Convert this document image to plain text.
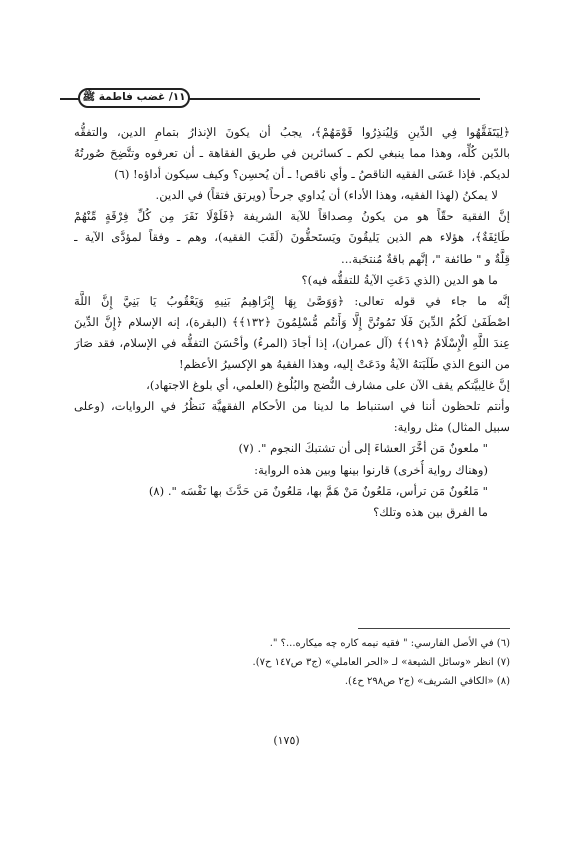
١١/ غضب فاطمة ﷺ
﴿لِيَتَفَقَّهُوا فِي الدِّينِ وَلِيُنذِرُوا قَوْمَهُمْ﴾، يجبُ أن يكونَ الإنذارُ بتمامِ الدين، والتفقُّه
بالدّين كُلِّه، وهذا مما ينبغي لكم ـ كسائرين في طريق الفقاهة ـ أن تعرفوه وتتَّضِحَ صُورتُهُ
لديكم. فإذا عَسَى الفقيه الناقصُ ـ وأي ناقص! ـ أن يُحسِن؟ وكيف سيكون أداؤه! (٦)
لا يمكنُ (لهذا الفقيه، وهذا الأداء) أن يُداوي جرحاً (ويرتق فتقاً) في الدين.
إنَّ الفقيهَ حقّاً هو من يكونُ مِصداقاً للآية الشريفة ﴿فَلَوْلَا نَفَرَ مِن كُلِّ فِرْقَةٍ مِّنْهُمْ
طَائِفَةٌ﴾، هؤلاء هم الذين يَليقُونَ ويَستَحقُّونَ (لَقَبَ الفقيه)، وهم ـ وفقاً لمؤدَّى الآية ـ
قِلَّةٌ و " طائفة "، إنَّهم باقةٌ مُنتخَبة...
ما هو الدين (الذي دَعَتِ الآيةُ للتفقُّه فيه)؟
إنَّه ما جاء في قوله تعالى: ﴿وَوَصَّىٰ بِهَا إِبْرَاهِيمُ بَنِيهِ وَيَعْقُوبُ يَا بَنِيَّ إِنَّ اللَّهَ
اصْطَفَىٰ لَكُمُ الدِّينَ فَلَا تَمُوتُنَّ إِلَّا وَأَنتُم مُّسْلِمُونَ ﴿١٣٢﴾﴾ (البقرة)، إنه الإسلام ﴿إِنَّ الدِّينَ
عِندَ اللَّهِ الْإِسْلَامُ ﴿١٩﴾﴾ (آل عمران)، إذا أجادَ (المرءُ) وأحْسَنَ التفقُّه في الإسلام، فقد صَارَ
من النوع الذي طَلَبَتهُ الآيةُ ودَعَتْ إليه، وهذا الفقيهُ هو الإكسيرُ الأعظم!
إنَّ غالِبيَّتكم يقف الآن على مشارف النُّضج والبُلُوغ (العلمي، أي بلوغ الاجتهاد)،
وأنتم تلحظون أننا في استنباط ما لدينا من الأحكام الفقهيَّة نَنظُرُ في الروايات، (وعلى
سبيل المثال) مثل رواية:
" ملعونٌ مَن أخَّرَ العشاءَ إلى أن تشتبكَ النجوم ". (٧)
(وهناك رواية أُخرى) قارنوا بينها وبين هذه الرواية:
" مَلعُونٌ مَن ترأس، مَلعُونٌ مَنْ هَمَّ بها، مَلعُونٌ مَن حَدَّثَ بها نَفْسَه ". (٨)
ما الفرق بين هذه وتلك؟
(٦) في الأصل الفارسي: " فقيه نيمه كاره چه ميكاره...؟ ".
(٧) انظر «وسائل الشيعة» لـ «الحر العاملي» (ج٣ ص١٤٧ ح٧).
(٨) «الكافي الشريف» (ج٢ ص٢٩٨ ح٤).
(١٧٥)
